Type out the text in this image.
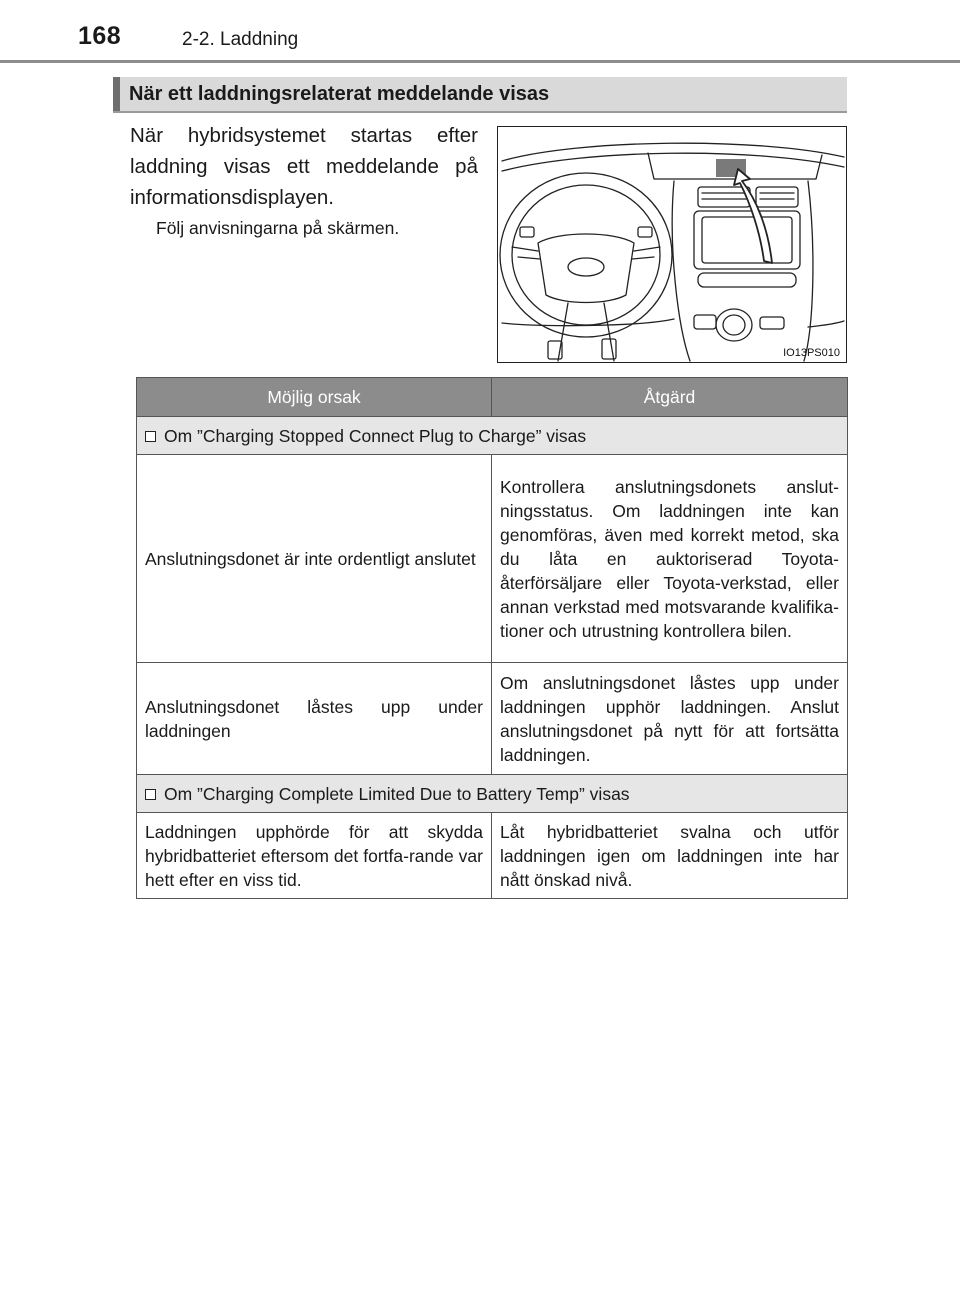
168	2-2. Laddning
När ett laddningsrelaterat meddelande visas
När hybridsystemet startas efter laddning visas ett meddelande på informationsdisplayen.
Följ anvisningarna på skärmen.
IO13PS010
Möjlig orsak	Åtgärd
Om ”Charging Stopped Connect Plug to Charge” visas	
Anslutningsdonet är inte ordentligt anslutet	Kontrollera anslutningsdonets anslut-ningsstatus. Om laddningen inte kan genomföras, även med korrekt metod, ska du låta en auktoriserad Toyota-återförsäljare eller Toyota-verkstad, eller annan verkstad med motsvarande kvalifika-tioner och utrustning kontrollera bilen.
Anslutningsdonet låstes upp under laddningen	Om anslutningsdonet låstes upp under laddningen upphör laddningen. Anslut anslutningsdonet på nytt för att fortsätta laddningen.
Om ”Charging Complete Limited Due to Battery Temp” visas	
Laddningen upphörde för att skydda hybridbatteriet eftersom det fortfa-rande var hett efter en viss tid.	Låt hybridbatteriet svalna och utför laddningen igen om laddningen inte har nått önskad nivå.
